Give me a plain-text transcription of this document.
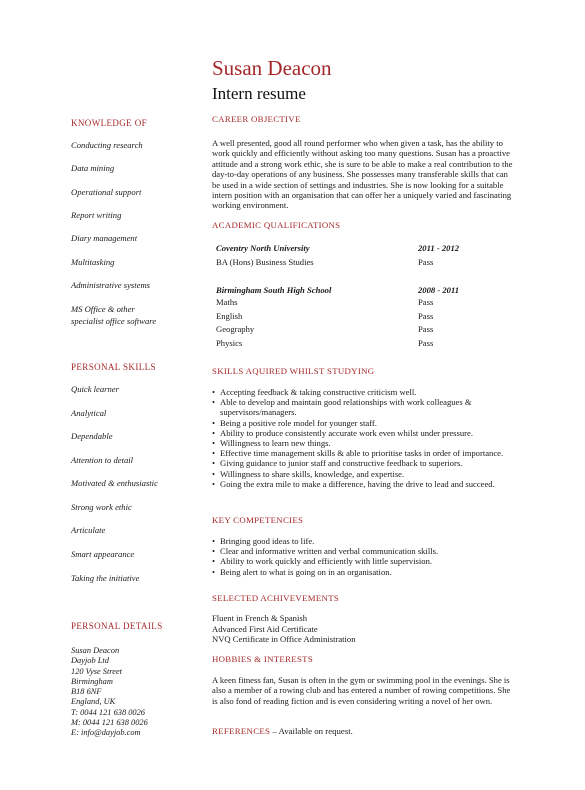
Susan Deacon
Intern resume
KNOWLEDGE OF
Conducting research
Data mining
Operational support
Report writing
Diary management
Multitasking
Administrative systems
MS Office & other
specialist office software
PERSONAL SKILLS
Quick learner
Analytical
Dependable
Attention to detail
Motivated & enthusiastic
Strong work ethic
Articulate
Smart appearance
Taking the initiative
PERSONAL DETAILS
Susan Deacon
Dayjob Ltd
120 Vyse Street
Birmingham
B18 6NF
England, UK
T: 0044 121 638 0026
M: 0044 121 638 0026
E: info@dayjob.com
CAREER OBJECTIVE
A well presented, good all round performer who when given a task, has the ability to work quickly and efficiently without asking too many questions. Susan has a proactive attitude and a strong work ethic, she is sure to be able to make a real contribution to the day-to-day operations of any business. She possesses many transferable skills that can be used in a wide section of settings and industries. She is now looking for a suitable intern position with an organisation that can offer her a uniquely varied and fascinating working environment.
ACADEMIC QUALIFICATIONS
Coventry North University	2011 - 2012
BA (Hons) Business Studies	Pass
Birmingham South High School	2008 - 2011
Maths	Pass
English	Pass
Geography	Pass
Physics	Pass
SKILLS AQUIRED WHILST STUDYING
• Accepting feedback & taking constructive criticism well.
• Able to develop and maintain good relationships with work colleagues & supervisors/managers.
• Being a positive role model for younger staff.
• Ability to produce consistently accurate work even whilst under pressure.
• Willingness to learn new things.
• Effective time management skills & able to prioritise tasks in order of importance.
• Giving guidance to junior staff and constructive feedback to superiors.
• Willingness to share skills, knowledge, and expertise.
• Going the extra mile to make a difference, having the drive to lead and succeed.
KEY COMPETENCIES
• Bringing good ideas to life.
• Clear and informative written and verbal communication skills.
• Ability to work quickly and efficiently with little supervision.
• Being alert to what is going on in an organisation.
SELECTED ACHIVEVEMENTS
Fluent in French & Spanish
Advanced First Aid Certificate
NVQ Certificate in Office Administration
HOBBIES & INTERESTS
A keen fitness fan, Susan is often in the gym or swimming pool in the evenings. She is also a member of a rowing club and has entered a number of rowing competitions. She is also fond of reading fiction and is even considering writing a novel of her own.
REFERENCES – Available on request.
